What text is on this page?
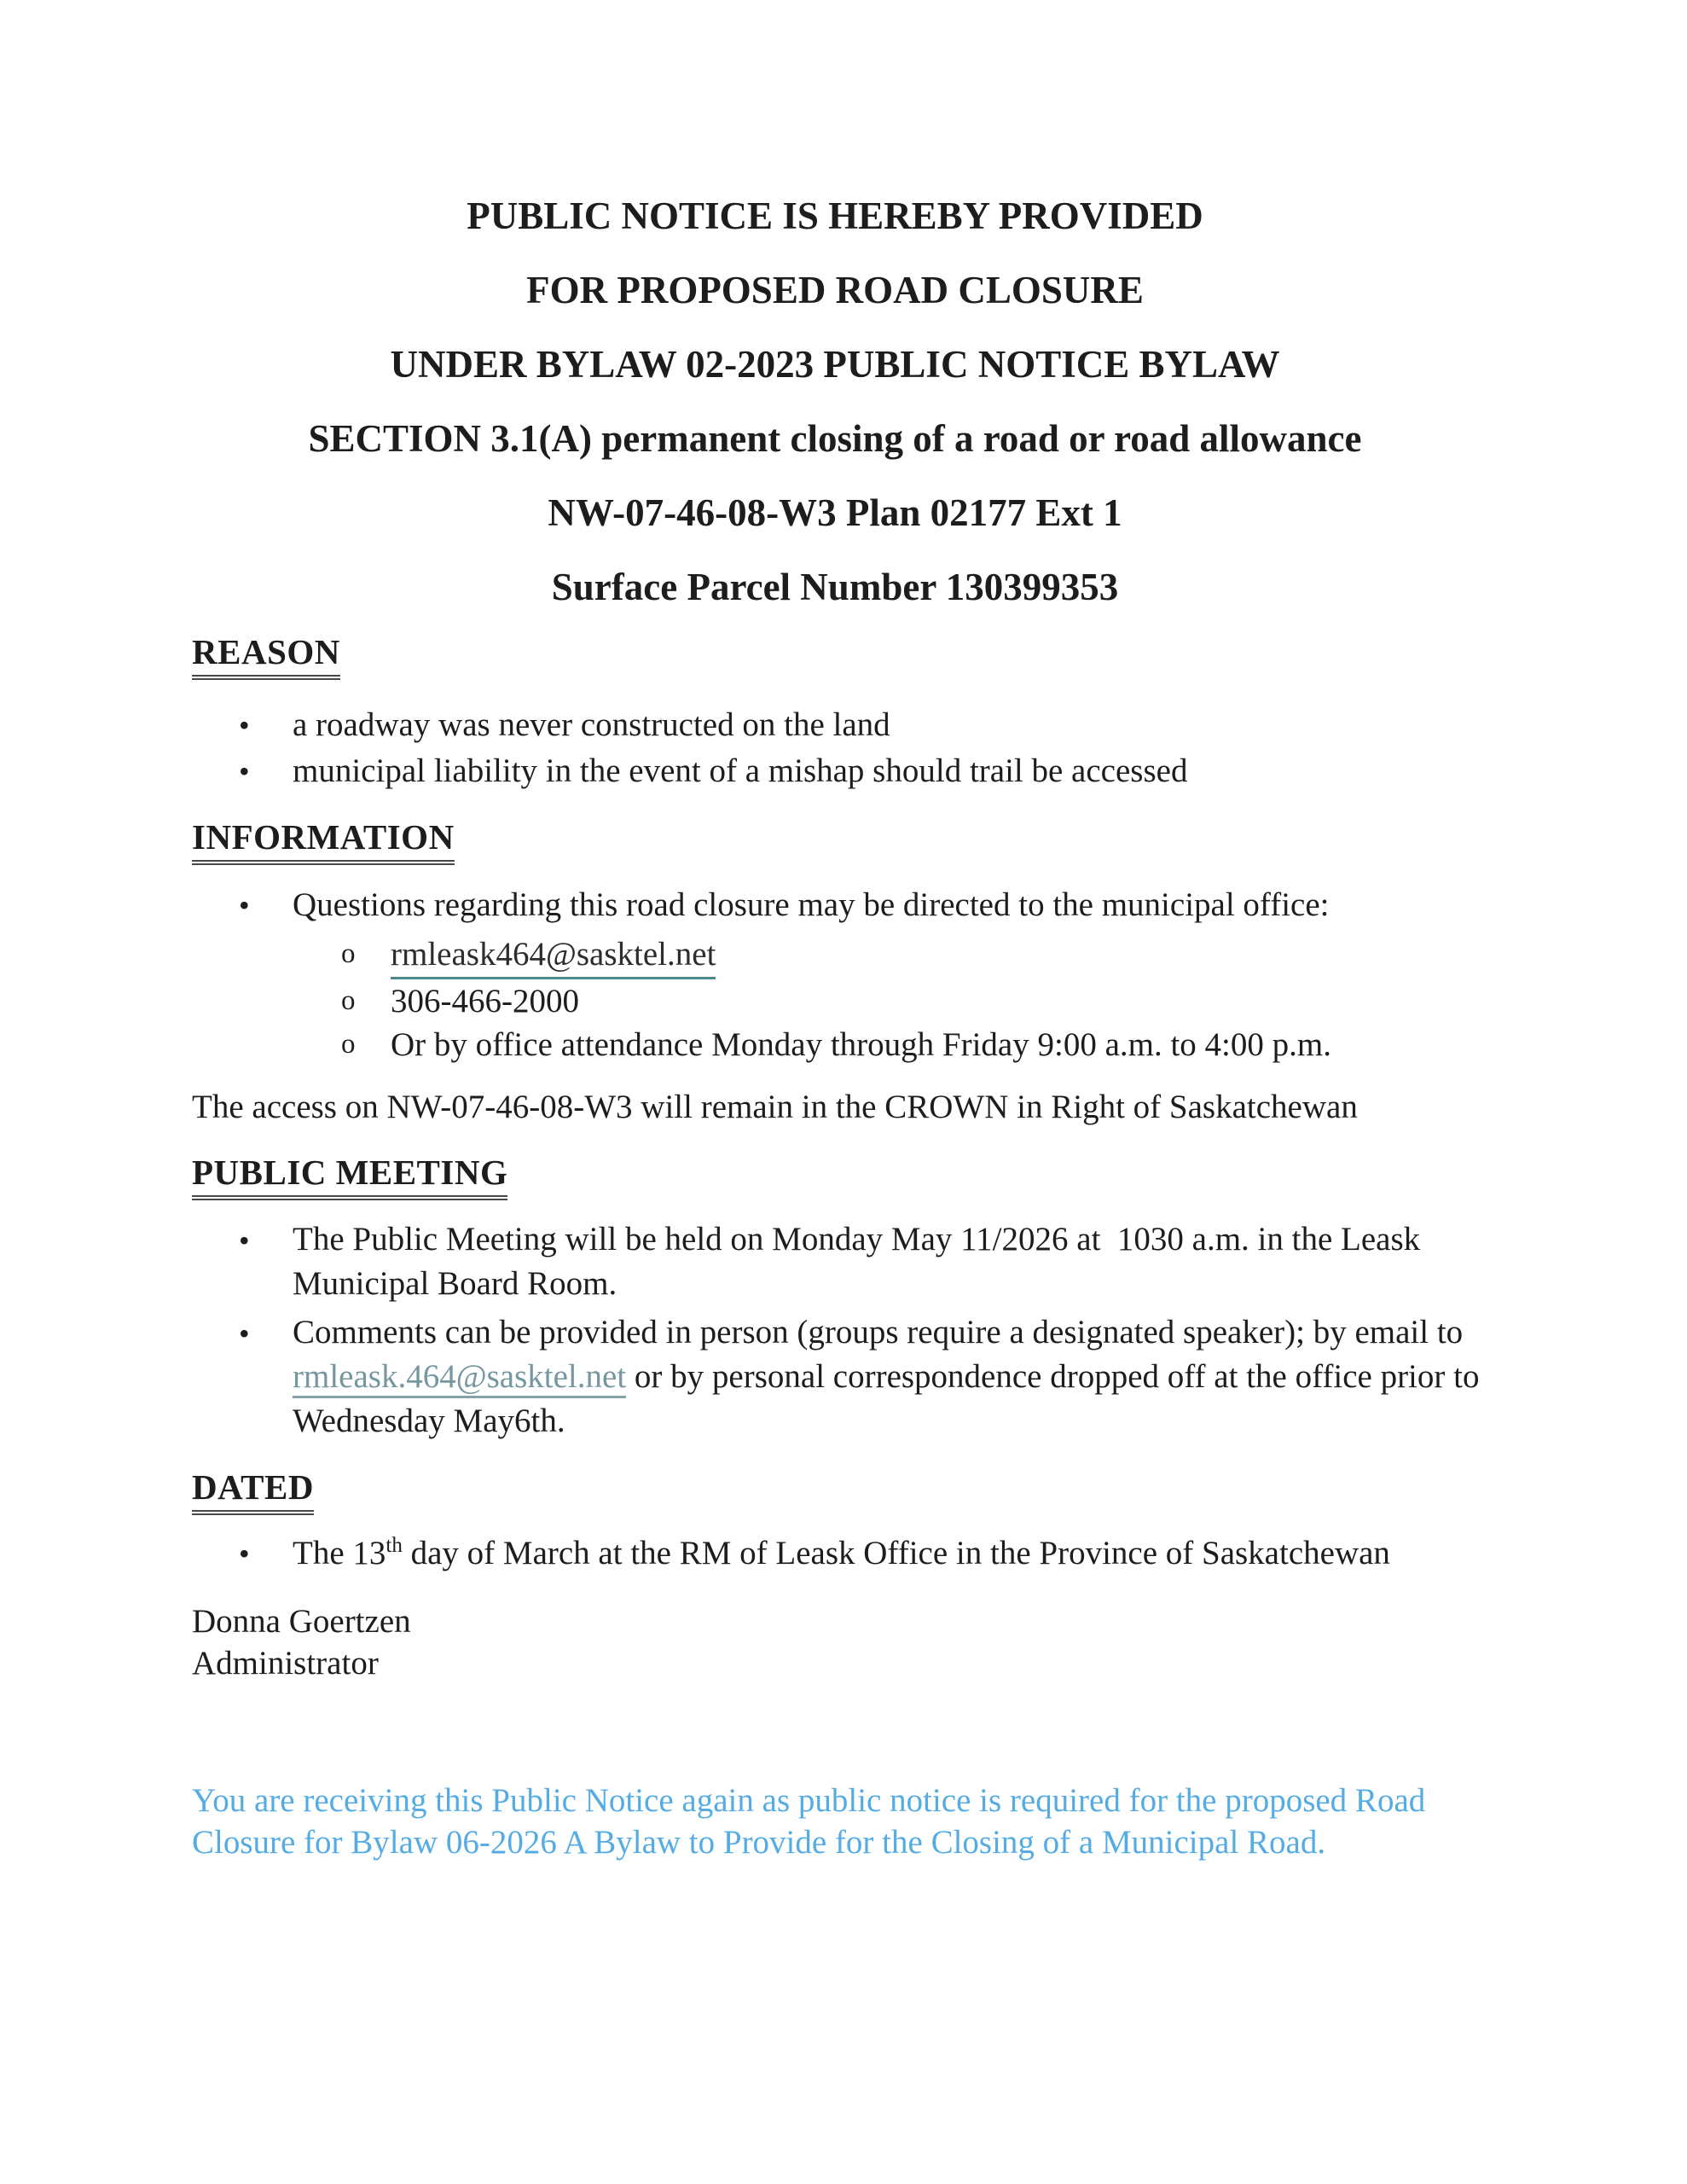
PUBLIC NOTICE IS HEREBY PROVIDED
FOR PROPOSED ROAD CLOSURE
UNDER BYLAW 02-2023 PUBLIC NOTICE BYLAW
SECTION 3.1(A) permanent closing of a road or road allowance
NW-07-46-08-W3 Plan 02177 Ext 1
Surface Parcel Number 130399353
REASON
•	a roadway was never constructed on the land
•	municipal liability in the event of a mishap should trail be accessed
INFORMATION
•	Questions regarding this road closure may be directed to the municipal office:
o	rmleask464@sasktel.net
o	306-466-2000
o	Or by office attendance Monday through Friday 9:00 a.m. to 4:00 p.m.

The access on NW-07-46-08-W3 will remain in the CROWN in Right of Saskatchewan

PUBLIC MEETING
•	The Public Meeting will be held on Monday May 11/2026 at  1030 a.m. in the Leask Municipal Board Room.
•	Comments can be provided in person (groups require a designated speaker); by email to rmleask.464@sasktel.net or by personal correspondence dropped off at the office prior to Wednesday May6th.
DATED
•	The 13th day of March at the RM of Leask Office in the Province of Saskatchewan
Donna Goertzen
Administrator

You are receiving this Public Notice again as public notice is required for the proposed Road Closure for Bylaw 06-2026 A Bylaw to Provide for the Closing of a Municipal Road.
